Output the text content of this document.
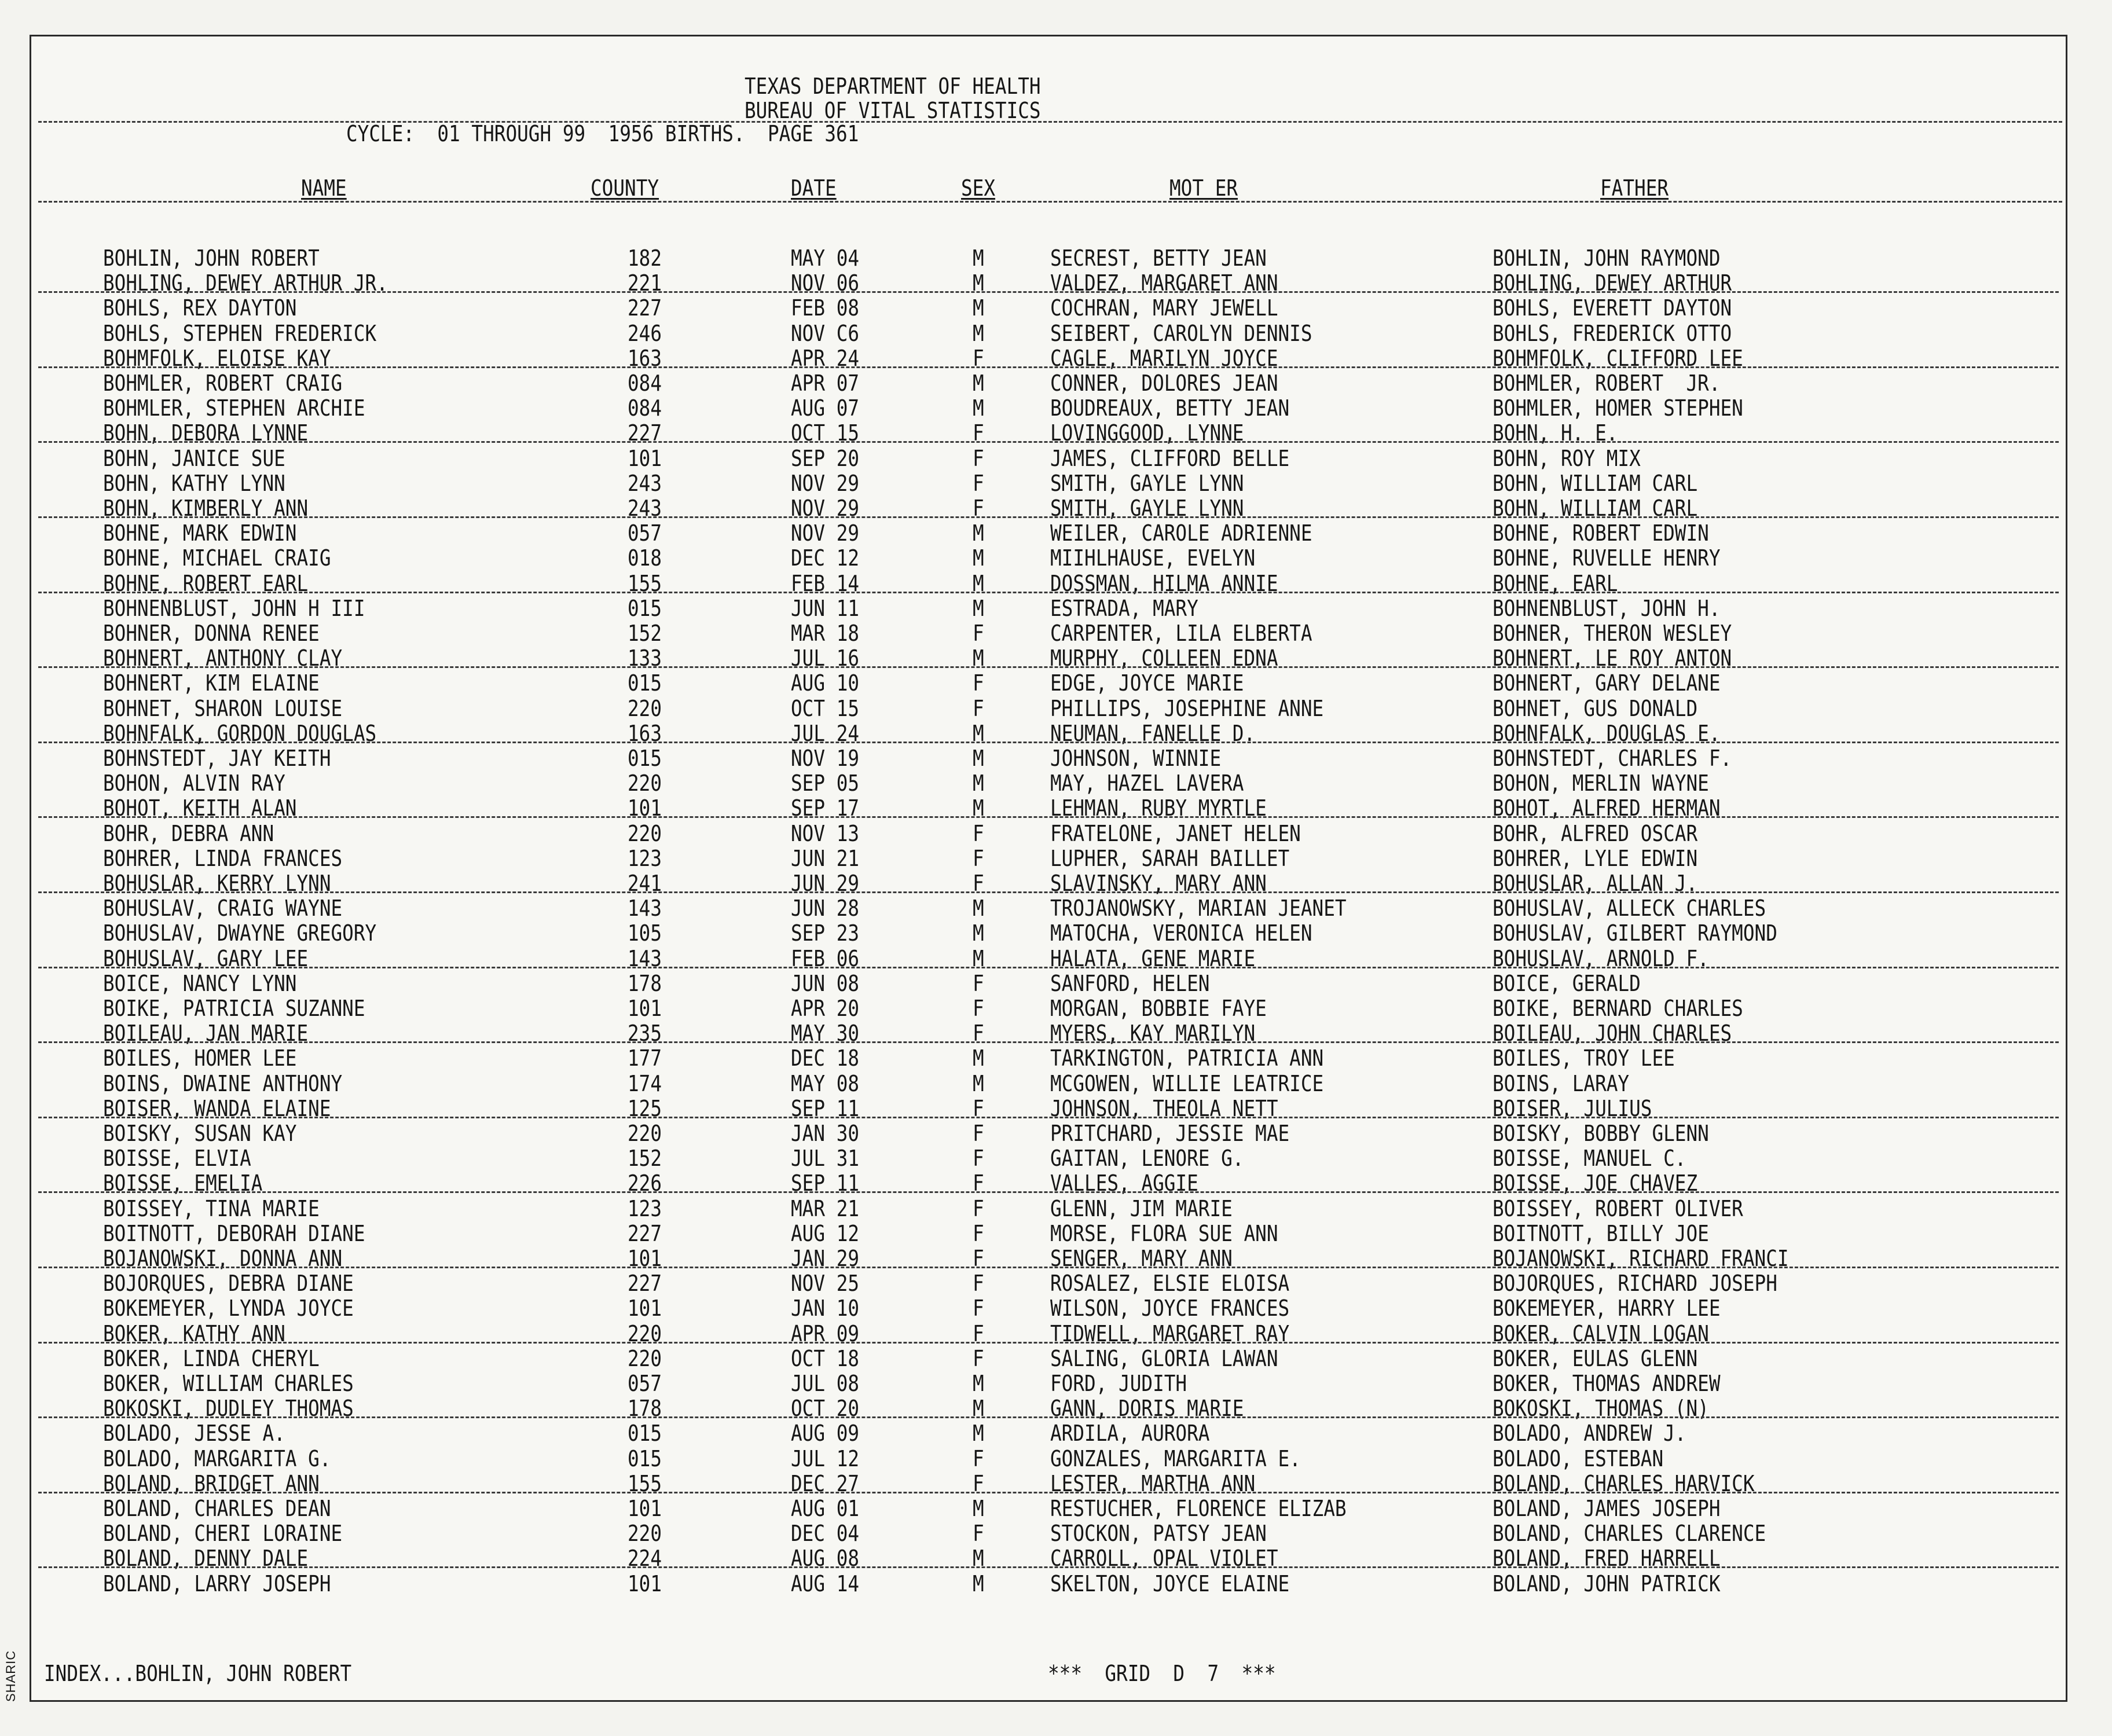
SHARIC
TEXAS DEPARTMENT OF HEALTH
BUREAU OF VITAL STATISTICS
CYCLE:  01 THROUGH 99  1956 BIRTHS.  PAGE 361
NAME	COUNTY	DATE	SEX	MOT ER	FATHER
BOHLIN, JOHN ROBERT	182	MAY 04	M	SECREST, BETTY JEAN	BOHLIN, JOHN RAYMOND
BOHLING, DEWEY ARTHUR JR.	221	NOV 06	M	VALDEZ, MARGARET ANN	BOHLING, DEWEY ARTHUR
BOHLS, REX DAYTON	227	FEB 08	M	COCHRAN, MARY JEWELL	BOHLS, EVERETT DAYTON
BOHLS, STEPHEN FREDERICK	246	NOV C6	M	SEIBERT, CAROLYN DENNIS	BOHLS, FREDERICK OTTO
BOHMFOLK, ELOISE KAY	163	APR 24	F	CAGLE, MARILYN JOYCE	BOHMFOLK, CLIFFORD LEE
BOHMLER, ROBERT CRAIG	084	APR 07	M	CONNER, DOLORES JEAN	BOHMLER, ROBERT  JR.
BOHMLER, STEPHEN ARCHIE	084	AUG 07	M	BOUDREAUX, BETTY JEAN	BOHMLER, HOMER STEPHEN
BOHN, DEBORA LYNNE	227	OCT 15	F	LOVINGGOOD, LYNNE	BOHN, H. E.
BOHN, JANICE SUE	101	SEP 20	F	JAMES, CLIFFORD BELLE	BOHN, ROY MIX
BOHN, KATHY LYNN	243	NOV 29	F	SMITH, GAYLE LYNN	BOHN, WILLIAM CARL
BOHN, KIMBERLY ANN	243	NOV 29	F	SMITH, GAYLE LYNN	BOHN, WILLIAM CARL
BOHNE, MARK EDWIN	057	NOV 29	M	WEILER, CAROLE ADRIENNE	BOHNE, ROBERT EDWIN
BOHNE, MICHAEL CRAIG	018	DEC 12	M	MIIHLHAUSE, EVELYN	BOHNE, RUVELLE HENRY
BOHNE, ROBERT EARL	155	FEB 14	M	DOSSMAN, HILMA ANNIE	BOHNE, EARL
BOHNENBLUST, JOHN H III	015	JUN 11	M	ESTRADA, MARY	BOHNENBLUST, JOHN H.
BOHNER, DONNA RENEE	152	MAR 18	F	CARPENTER, LILA ELBERTA	BOHNER, THERON WESLEY
BOHNERT, ANTHONY CLAY	133	JUL 16	M	MURPHY, COLLEEN EDNA	BOHNERT, LE ROY ANTON
BOHNERT, KIM ELAINE	015	AUG 10	F	EDGE, JOYCE MARIE	BOHNERT, GARY DELANE
BOHNET, SHARON LOUISE	220	OCT 15	F	PHILLIPS, JOSEPHINE ANNE	BOHNET, GUS DONALD
BOHNFALK, GORDON DOUGLAS	163	JUL 24	M	NEUMAN, FANELLE D.	BOHNFALK, DOUGLAS E.
BOHNSTEDT, JAY KEITH	015	NOV 19	M	JOHNSON, WINNIE	BOHNSTEDT, CHARLES F.
BOHON, ALVIN RAY	220	SEP 05	M	MAY, HAZEL LAVERA	BOHON, MERLIN WAYNE
BOHOT, KEITH ALAN	101	SEP 17	M	LEHMAN, RUBY MYRTLE	BOHOT, ALFRED HERMAN
BOHR, DEBRA ANN	220	NOV 13	F	FRATELONE, JANET HELEN	BOHR, ALFRED OSCAR
BOHRER, LINDA FRANCES	123	JUN 21	F	LUPHER, SARAH BAILLET	BOHRER, LYLE EDWIN
BOHUSLAR, KERRY LYNN	241	JUN 29	F	SLAVINSKY, MARY ANN	BOHUSLAR, ALLAN J.
BOHUSLAV, CRAIG WAYNE	143	JUN 28	M	TROJANOWSKY, MARIAN JEANET	BOHUSLAV, ALLECK CHARLES
BOHUSLAV, DWAYNE GREGORY	105	SEP 23	M	MATOCHA, VERONICA HELEN	BOHUSLAV, GILBERT RAYMOND
BOHUSLAV, GARY LEE	143	FEB 06	M	HALATA, GENE MARIE	BOHUSLAV, ARNOLD F.
BOICE, NANCY LYNN	178	JUN 08	F	SANFORD, HELEN	BOICE, GERALD
BOIKE, PATRICIA SUZANNE	101	APR 20	F	MORGAN, BOBBIE FAYE	BOIKE, BERNARD CHARLES
BOILEAU, JAN MARIE	235	MAY 30	F	MYERS, KAY MARILYN	BOILEAU, JOHN CHARLES
BOILES, HOMER LEE	177	DEC 18	M	TARKINGTON, PATRICIA ANN	BOILES, TROY LEE
BOINS, DWAINE ANTHONY	174	MAY 08	M	MCGOWEN, WILLIE LEATRICE	BOINS, LARAY
BOISER, WANDA ELAINE	125	SEP 11	F	JOHNSON, THEOLA NETT	BOISER, JULIUS
BOISKY, SUSAN KAY	220	JAN 30	F	PRITCHARD, JESSIE MAE	BOISKY, BOBBY GLENN
BOISSE, ELVIA	152	JUL 31	F	GAITAN, LENORE G.	BOISSE, MANUEL C.
BOISSE, EMELIA	226	SEP 11	F	VALLES, AGGIE	BOISSE, JOE CHAVEZ
BOISSEY, TINA MARIE	123	MAR 21	F	GLENN, JIM MARIE	BOISSEY, ROBERT OLIVER
BOITNOTT, DEBORAH DIANE	227	AUG 12	F	MORSE, FLORA SUE ANN	BOITNOTT, BILLY JOE
BOJANOWSKI, DONNA ANN	101	JAN 29	F	SENGER, MARY ANN	BOJANOWSKI, RICHARD FRANCI
BOJORQUES, DEBRA DIANE	227	NOV 25	F	ROSALEZ, ELSIE ELOISA	BOJORQUES, RICHARD JOSEPH
BOKEMEYER, LYNDA JOYCE	101	JAN 10	F	WILSON, JOYCE FRANCES	BOKEMEYER, HARRY LEE
BOKER, KATHY ANN	220	APR 09	F	TIDWELL, MARGARET RAY	BOKER, CALVIN LOGAN
BOKER, LINDA CHERYL	220	OCT 18	F	SALING, GLORIA LAWAN	BOKER, EULAS GLENN
BOKER, WILLIAM CHARLES	057	JUL 08	M	FORD, JUDITH	BOKER, THOMAS ANDREW
BOKOSKI, DUDLEY THOMAS	178	OCT 20	M	GANN, DORIS MARIE	BOKOSKI, THOMAS (N)
BOLADO, JESSE A.	015	AUG 09	M	ARDILA, AURORA	BOLADO, ANDREW J.
BOLADO, MARGARITA G.	015	JUL 12	F	GONZALES, MARGARITA E.	BOLADO, ESTEBAN
BOLAND, BRIDGET ANN	155	DEC 27	F	LESTER, MARTHA ANN	BOLAND, CHARLES HARVICK
BOLAND, CHARLES DEAN	101	AUG 01	M	RESTUCHER, FLORENCE ELIZAB	BOLAND, JAMES JOSEPH
BOLAND, CHERI LORAINE	220	DEC 04	F	STOCKON, PATSY JEAN	BOLAND, CHARLES CLARENCE
BOLAND, DENNY DALE	224	AUG 08	M	CARROLL, OPAL VIOLET	BOLAND, FRED HARRELL
BOLAND, LARRY JOSEPH	101	AUG 14	M	SKELTON, JOYCE ELAINE	BOLAND, JOHN PATRICK
INDEX...BOHLIN, JOHN ROBERT	***  GRID  D  7  ***
